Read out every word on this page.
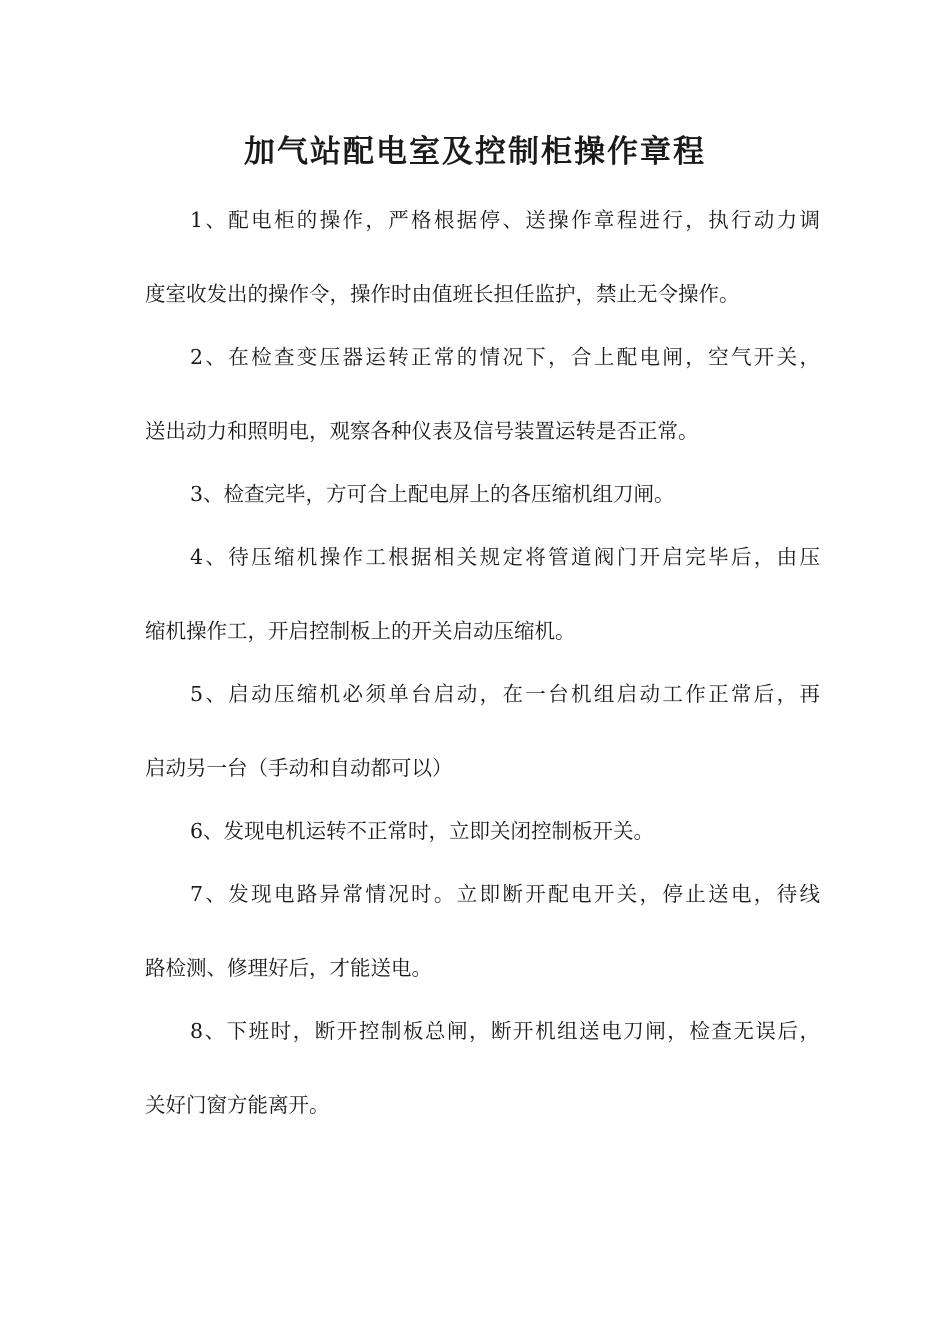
加气站配电室及控制柜操作章程
1、配电柜的操作，严格根据停、送操作章程进行，执行动力调
度室收发出的操作令，操作时由值班长担任监护，禁止无令操作。
2、在检查变压器运转正常的情况下，合上配电闸，空气开关，
送出动力和照明电，观察各种仪表及信号装置运转是否正常。
3、检查完毕，方可合上配电屏上的各压缩机组刀闸。
4、待压缩机操作工根据相关规定将管道阀门开启完毕后，由压
缩机操作工，开启控制板上的开关启动压缩机。
5、启动压缩机必须单台启动，在一台机组启动工作正常后，再
启动另一台（手动和自动都可以）
6、发现电机运转不正常时，立即关闭控制板开关。
7、发现电路异常情况时。立即断开配电开关，停止送电，待线
路检测、修理好后，才能送电。
8、下班时，断开控制板总闸，断开机组送电刀闸，检查无误后，
关好门窗方能离开。
